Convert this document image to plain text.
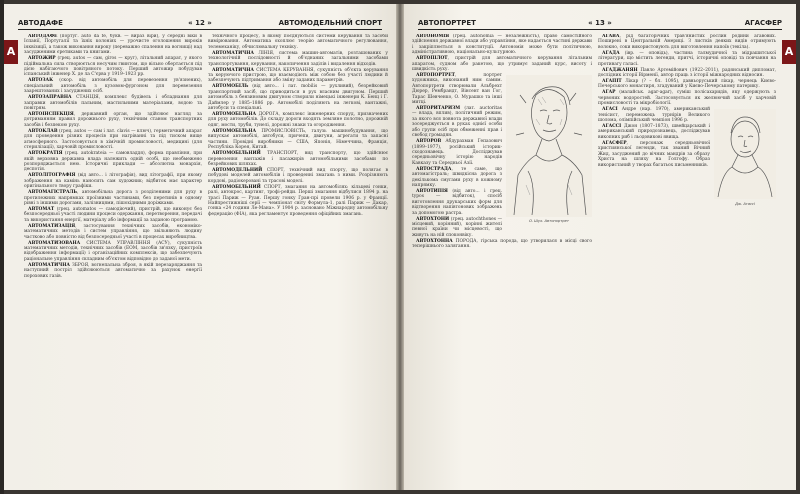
АВТОДАФЕ	« 12 »	АВТОМОДЕЛЬНИЙ СПОРТ
А

АВТОДАФЕ (португ. auto da fe, букв. — вираз віри), у середні віки в Іспанії, Португалії та їхніх колоніях — урочисте оголошення вироків інквізиції, а також виконання вироку (переважно спалення на вогнищі) над засудженими єретиками та книгами.

АВТОЖИР (грец. autos — сам, giros — круг), літальний апарат, у якого підіймальна сила створюється несучим гвинтом, що вільно обертається під дією набігаючого повітряного потоку. Перший автожир побудував іспанський інженер Х. де ла С'єрва у 1919–1923 рр.

АВТОЗАК (скор. від автомобіль для перевезення ув'язнених), спеціальний автомобіль з кузовом-фургоном для перевезення заарештованих і засуджених осіб.

АВТОЗАПРАВНА СТАНЦІЯ, комплекс будівель і обладнання для заправки автомобілів пальним, мастильними матеріалами, водою та повітрям.

АВТОІНСПЕКЦІЯ, державний орган, що здійснює нагляд за дотриманням правил дорожнього руху, технічним станом транспортних засобів і безпекою руху.

АВТОКЛАВ (грец. autos — сам і лат. clavis — ключ), герметичний апарат для проведення різних процесів при нагріванні та під тиском вище атмосферного. Застосовується в хімічній промисловості, медицині (для стерилізації), харчовій промисловості.

АВТОКРАТІЯ (грец. autokrateia — самовладдя), форма правління, при якій верховна державна влада належить одній особі, що необмежено розпоряджається нею. Історичні приклади — абсолютна монархія, деспотія.

АВТОЛІТОГРАФІЯ (від авто... і літографія), вид літографії, при якому зображення на камінь наносить сам художник; відбиток має характер оригінального твору графіки.

АВТОМАГІСТРАЛЬ, автомобільна дорога з розділеними для руху в протилежних напрямках проїзними частинами, без перетинів в одному рівні з іншими дорогами, залізницями, пішохідними доріжками.

АВТОМАТ (грец. automatos — самодіючий), пристрій, що виконує без безпосередньої участі людини процеси одержання, перетворення, передачі та використання енергії, матеріалу або інформації за заданою програмою.

АВТОМАТИЗАЦІЯ, застосування технічних засобів, економіко-математичних методів і систем управління, що звільняють людину частково або повністю від безпосередньої участі в процесах виробництва.

АВТОМАТИЗОВАНА СИСТЕМА УПРАВЛІННЯ (АСУ), сукупність математичних методів, технічних засобів (ЕОМ, засобів зв'язку, пристроїв відображення інформації) і організаційних комплексів, що забезпечують раціональне управління складним об'єктом відповідно до заданої мети.

АВТОМАТИЧНА ЗБРОЯ, вогнепальна зброя, в якій перезаряджання та наступний постріл здійснюються автоматично за рахунок енергії порохових газів.

технічного процесу, в якому поєднуються системи керування та засоби вимірювання. Автоматика охоплює теорію автоматичного регулювання, телемеханіку, обчислювальну техніку.

АВТОМАТИЧНА ЛІНІЯ, система машин-автоматів, розташованих у технологічній послідовності й об'єднаних загальними засобами транспортування, керування, накопичення заділів і видалення відходів.

АВТОМАТИЧНА СИСТЕМА КЕРУВАННЯ, сукупність об'єкта керування та керуючого пристрою, що взаємодіють між собою без участі людини й забезпечують підтримання або зміну заданих параметрів.

АВТОМОБІЛЬ (від авто... і лат. mobilis — рухливий), безрейковий транспортний засіб, що приводиться в рух власним двигуном. Перший автомобіль з бензиновим двигуном створили німецькі інженери К. Бенц і Г. Даймлер у 1885–1886 рр. Автомобілі поділяють на легкові, вантажні, автобуси та спеціальні.

АВТОМОБІЛЬНА ДОРОГА, комплекс інженерних споруд, призначених для руху автомобілів. До складу дороги входять земляне полотно, дорожній одяг, мости, труби, тунелі, дорожні знаки та огородження.

АВТОМОБІЛЬНА ПРОМИСЛОВІСТЬ, галузь машинобудування, що випускає автомобілі, автобуси, причепи, двигуни, агрегати та запасні частини. Провідні виробники — США, Японія, Німеччина, Франція, Республіка Корея, Китай.

АВТОМОБІЛЬНИЙ ТРАНСПОРТ, вид транспорту, що здійснює перевезення вантажів і пасажирів автомобільними засобами по безрейкових шляхах.

АВТОМОДЕЛЬНИЙ СПОРТ, технічний вид спорту, що полягає в побудові моделей автомобілів і проведенні змагань з ними. Розрізняють кордові, радіокеровані та трасові моделі.

АВТОМОБІЛЬНИЙ СПОРТ, змагання на автомобілях: кільцеві гонки, ралі, автокрос, картинг, трофі-рейди. Перші змагання відбулися 1894 р. на трасі Париж — Руан. Першу гонку Гран-прі провели 1906 р. у Франції. Найпрестижніші серії — чемпіонат світу Формула-1, ралі Париж — Дакар, гонка «24 години Ле-Мана». У 1904 р. засновано Міжнародну автомобільну федерацію (ФІА), яка регламентує проведення офіційних змагань.

АВТОПОРТРЕТ	« 13 »	АГАСФЕР
А

АВТОНОМІЯ (грец. autonomia — незалежність), право самостійного здійснення державної влади або управління, яке надається частині держави і закріплюється в конституції. Автономія може бути політичною, адміністративною, національно-культурною.

АВТОПІЛОТ, пристрій для автоматичного керування літальним апаратом, судном або ракетою, що утримує заданий курс, висоту і швидкість руху.

О. Шух. Автопортрет

АВТОПОРТРЕТ, портрет художника, виконаний ним самим. Автопортрети створювали Альбрехт Дюрер, Рембрандт, Вінсент ван Гог, Тарас Шевченко, О. Мурашко та інші митці.

АВТОРИТАРИЗМ (лат. auctoritas — влада, вплив), політичний режим, за якого вся повнота державної влади зосереджується в руках однієї особи або групи осіб при обмеженні прав і свобод громадян.

АВТОРОВ Абдурахман Гепазович (1899–1977), російський історик-сходознавець. Досліджував середньовічну історію народів Кавказу та Середньої Азії.

АВТОСТРАДА, те саме, що автомагістраль; швидкісна дорога з декількома смугами руху в кожному напрямку.

АВТОТИПІЯ (від авто... і грец. typos — відбиток), спосіб виготовлення друкарських форм для відтворення напівтонових зображень за допомогою растра.

АВТОХТОНИ (грец. autochthones — місцевий, корінний), корінні жителі певної країни чи місцевості, що живуть на ній споконвіку.

АВТОХТОННА ПОРОДА, гірська порода, що утворилася в місці свого теперішнього залягання.

АГАВА, рід багаторічних трав'янистих рослин родини агавових. Поширені в Центральній Америці. З листків деяких видів отримують волокно, соки використовують для виготовлення напоїв (текіла).

АГАДА (івр. — оповідь), частина талмудичної та мідрашитської літератури, що містить легенди, притчі, історичні оповіді та повчання на противагу галасі.

АГАДЖАНЯН Павло Артемійович (1922–2011), радянський дипломат, дослідник історії Вірменії, автор праць з історії міжнародних відносин.

АГАПІТ Лікар (? – бл. 1095), давньоруський лікар, чернець Києво-Печерського монастиря, згадуваний у Києво-Печерському патерику.

АГАР (малайськ. agar-agar), суміш полісахаридів, яку одержують з червоних водоростей. Застосовується як желюючий засіб у харчовій промисловості та мікробіології.

Дж. Агассі

АГАСІ Андре (нар. 1970), американський тенісист, переможець турнірів Великого шолома, олімпійський чемпіон 1996 р.

АГАССІ Джон (1807–1873), швейцарський і американський природознавець, досліджував викопних риб і льодовикові явища.

АГАСФЕР, персонаж середньовічної християнської легенди, так званий Вічний Жид, засуджений до вічних мандрів за образу Христа на шляху на Голгофу. Образ використаний у творах багатьох письменників.
